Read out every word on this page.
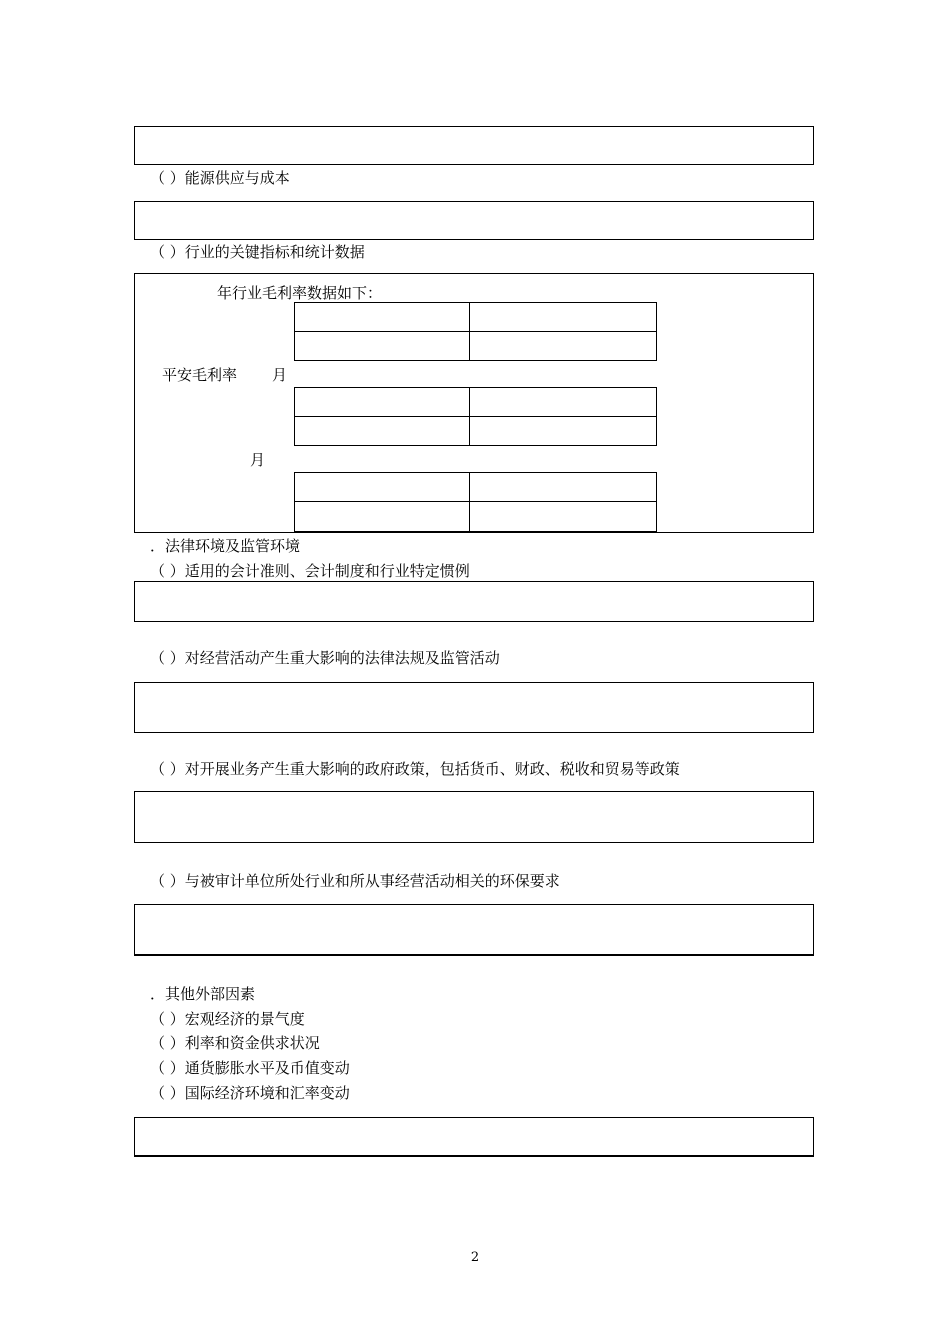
（ ）能源供应与成本
（ ）行业的关键指标和统计数据
年行业毛利率数据如下：
平安毛利率 月
月
．法律环境及监管环境
（ ）适用的会计准则、会计制度和行业特定惯例
（ ）对经营活动产生重大影响的法律法规及监管活动
（ ）对开展业务产生重大影响的政府政策，包括货币、财政、税收和贸易等政策
（ ）与被审计单位所处行业和所从事经营活动相关的环保要求
．其他外部因素
（ ）宏观经济的景气度
（ ）利率和资金供求状况
（ ）通货膨胀水平及币值变动
（ ）国际经济环境和汇率变动
2
